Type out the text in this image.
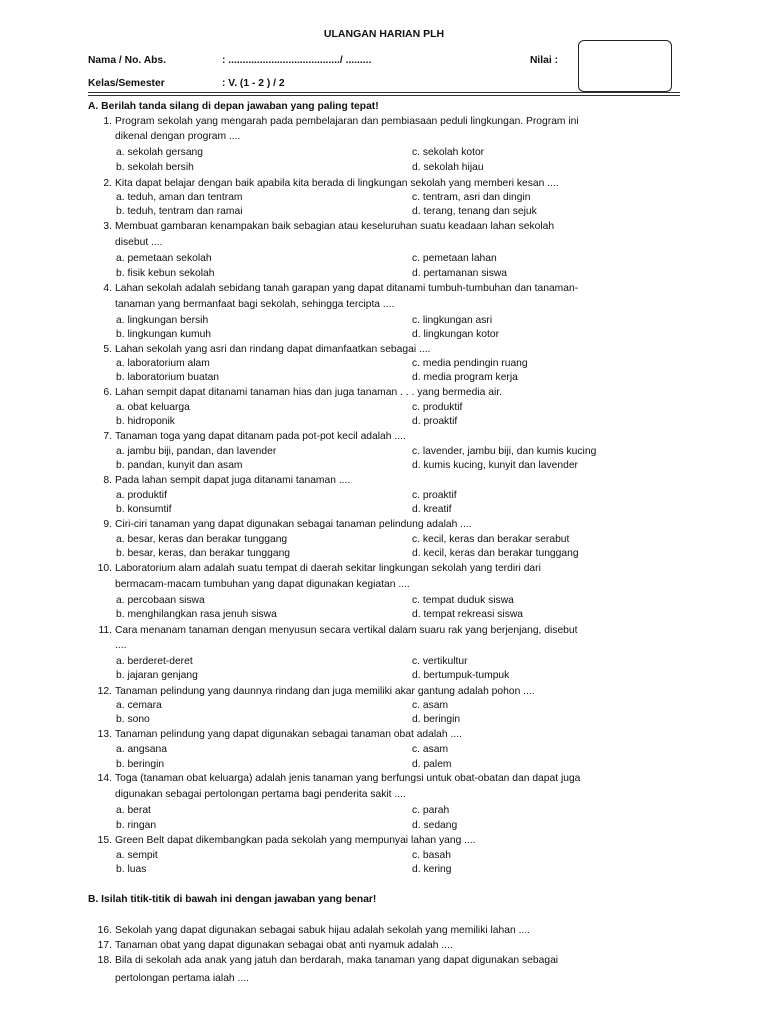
ULANGAN HARIAN PLH
Nama / No. Abs.	: ......................................./ .........	Nilai :
Kelas/Semester	: V. (1 - 2 ) / 2
A. Berilah tanda silang di depan jawaban yang paling tepat!
B. Isilah titik-titik di bawah ini dengan jawaban yang benar!
1. Program sekolah yang mengarah pada pembelajaran dan pembiasaan peduli lingkungan. Program ini
dikenal dengan program ....
a. sekolah gersang	c. sekolah kotor
b. sekolah bersih	d. sekolah hijau
2. Kita dapat belajar dengan baik apabila kita berada di lingkungan sekolah yang memberi kesan ....
a. teduh, aman dan tentram	c. tentram, asri dan dingin
b. teduh, tentram dan ramai	d. terang, tenang dan sejuk
3. Membuat gambaran kenampakan baik sebagian atau keseluruhan suatu keadaan lahan sekolah
disebut ....
a. pemetaan sekolah	c. pemetaan lahan
b. fisik kebun sekolah	d. pertamanan siswa
4. Lahan sekolah adalah sebidang tanah garapan yang dapat ditanami tumbuh-tumbuhan dan tanaman-
tanaman yang bermanfaat bagi sekolah, sehingga tercipta ....
a. lingkungan bersih	c. lingkungan asri
b. lingkungan kumuh	d. lingkungan kotor
5. Lahan sekolah yang asri dan rindang dapat dimanfaatkan sebagai ....
a. laboratorium alam	c. media pendingin ruang
b. laboratorium buatan	d. media program kerja
6. Lahan sempit dapat ditanami tanaman hias dan juga tanaman . . . yang bermedia air.
a. obat keluarga	c. produktif
b. hidroponik	d. proaktif
7. Tanaman toga yang dapat ditanam pada pot-pot kecil adalah ....
a. jambu biji, pandan, dan lavender	c. lavender, jambu biji, dan kumis kucing
b. pandan, kunyit dan asam	d. kumis kucing, kunyit dan lavender
8. Pada lahan sempit dapat juga ditanami tanaman ....
a. produktif	c. proaktif
b. konsumtif	d. kreatif
9. Ciri-ciri tanaman yang dapat digunakan sebagai tanaman pelindung adalah ....
a. besar, keras dan berakar tunggang	c. kecil, keras dan berakar serabut
b. besar, keras, dan berakar tunggang	d. kecil, keras dan berakar tunggang
10. Laboratorium alam adalah suatu tempat di daerah sekitar lingkungan sekolah yang terdiri dari
bermacam-macam tumbuhan yang dapat digunakan kegiatan ....
a. percobaan siswa	c. tempat duduk siswa
b. menghilangkan rasa jenuh siswa	d. tempat rekreasi siswa
11. Cara menanam tanaman dengan menyusun secara vertikal dalam suaru rak yang berjenjang, disebut
....
a. berderet-deret	c. vertikultur
b. jajaran genjang	d. bertumpuk-tumpuk
12. Tanaman pelindung yang daunnya rindang dan juga memiliki akar gantung adalah pohon ....
a. cemara	c. asam
b. sono	d. beringin
13. Tanaman pelindung yang dapat digunakan sebagai tanaman obat adalah ....
a. angsana	c. asam
b. beringin	d. palem
14. Toga (tanaman obat keluarga) adalah jenis tanaman yang berfungsi untuk obat-obatan dan dapat juga
digunakan sebagai pertolongan pertama bagi penderita sakit ....
a. berat	c. parah
b. ringan	d. sedang
15. Green Belt dapat dikembangkan pada sekolah yang mempunyai lahan yang ....
a. sempit	c. basah
b. luas	d. kering
16. Sekolah yang dapat digunakan sebagai sabuk hijau adalah sekolah yang memiliki lahan ....
17. Tanaman obat yang dapat digunakan sebagai obat anti nyamuk adalah ....
18. Bila di sekolah ada anak yang jatuh dan berdarah, maka tanaman yang dapat digunakan sebagai
pertolongan pertama ialah ....
